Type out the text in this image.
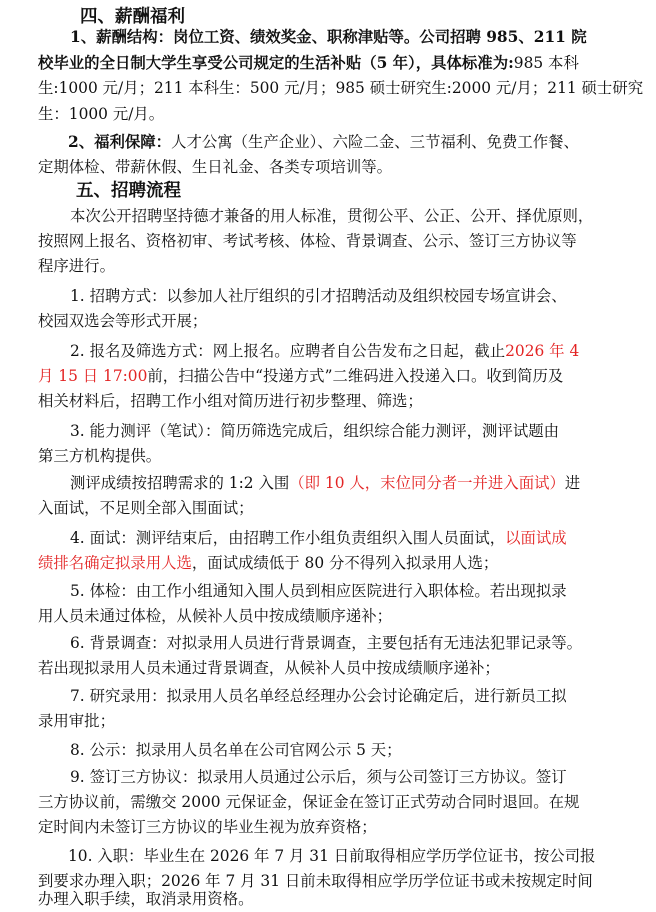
四、薪酬福利
1、薪酬结构：岗位工资、绩效奖金、职称津贴等。公司招聘 985、211 院
校毕业的全日制大学生享受公司规定的生活补贴（5 年），具体标准为:985 本科
生:1000 元/月；211 本科生：500 元/月；985 硕士研究生:2000 元/月；211 硕士研究
生：1000 元/月。
2、福利保障：人才公寓（生产企业）、六险二金、三节福利、免费工作餐、
定期体检、带薪休假、生日礼金、各类专项培训等。
五、招聘流程
本次公开招聘坚持德才兼备的用人标准，贯彻公平、公正、公开、择优原则，
按照网上报名、资格初审、考试考核、体检、背景调查、公示、签订三方协议等
程序进行。
1. 招聘方式：以参加人社厅组织的引才招聘活动及组织校园专场宣讲会、
校园双选会等形式开展；
2. 报名及筛选方式：网上报名。应聘者自公告发布之日起，截止2026 年 4
月 15 日 17:00前，扫描公告中“投递方式”二维码进入投递入口。收到简历及
相关材料后，招聘工作小组对简历进行初步整理、筛选；
3. 能力测评（笔试）：简历筛选完成后，组织综合能力测评，测评试题由
第三方机构提供。
测评成绩按招聘需求的 1:2 入围（即 10 人，末位同分者一并进入面试）进
入面试，不足则全部入围面试；
4. 面试：测评结束后，由招聘工作小组负责组织入围人员面试，以面试成
绩排名确定拟录用人选，面试成绩低于 80 分不得列入拟录用人选；
5. 体检：由工作小组通知入围人员到相应医院进行入职体检。若出现拟录
用人员未通过体检，从候补人员中按成绩顺序递补；
6. 背景调查：对拟录用人员进行背景调查，主要包括有无违法犯罪记录等。
若出现拟录用人员未通过背景调查，从候补人员中按成绩顺序递补；
7. 研究录用：拟录用人员名单经总经理办公会讨论确定后，进行新员工拟
录用审批；
8. 公示：拟录用人员名单在公司官网公示 5 天；
9. 签订三方协议：拟录用人员通过公示后，须与公司签订三方协议。签订
三方协议前，需缴交 2000 元保证金，保证金在签订正式劳动合同时退回。在规
定时间内未签订三方协议的毕业生视为放弃资格；
10. 入职：毕业生在 2026 年 7 月 31 日前取得相应学历学位证书，按公司报
到要求办理入职；2026 年 7 月 31 日前未取得相应学历学位证书或未按规定时间
办理入职手续，取消录用资格。
